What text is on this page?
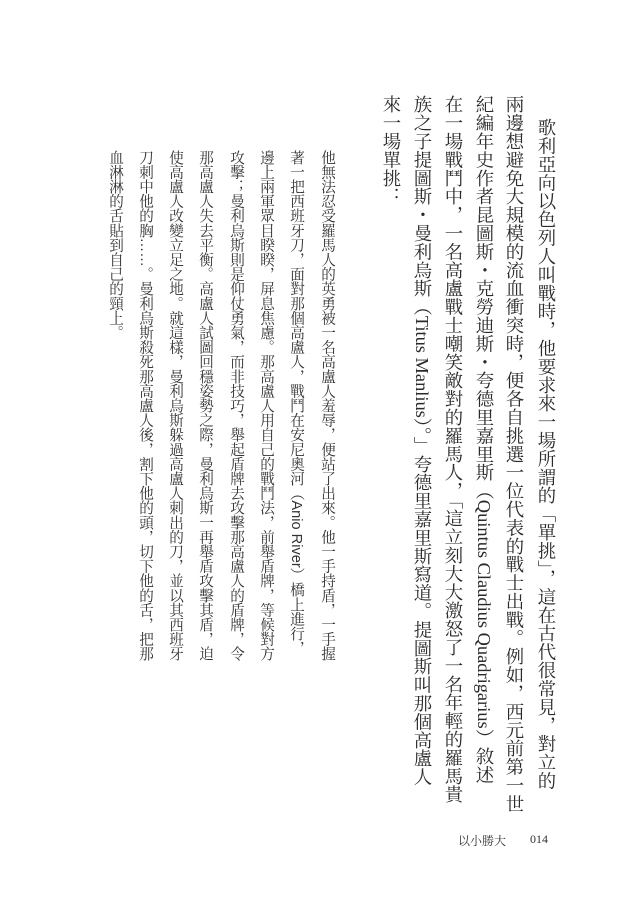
歌利亞向以色列人叫戰時，他要求來一場所謂的「單挑」，這在古代很常見，對立的
兩邊想避免大規模的流血衝突時，便各自挑選一位代表的戰士出戰。例如，西元前第一世
紀編年史作者昆圖斯・克勞迪斯・夸德里嘉里斯（Quintus Claudius Quadrigarius）敘述
在一場戰鬥中，一名高盧戰士嘲笑敵對的羅馬人，「這立刻大大激怒了一名年輕的羅馬貴
族之子提圖斯・曼利烏斯（Titus Manlius）。」夸德里嘉里斯寫道。提圖斯叫那個高盧人
來一場單挑：
他無法忍受羅馬人的英勇被一名高盧人羞辱，便站了出來。他一手持盾，一手握
著一把西班牙刀，面對那個高盧人，戰鬥在安尼奧河（Anio River）橋上進行，
邊上兩軍眾目睽睽，屏息焦慮。那高盧人用自己的戰鬥法，前舉盾牌，等候對方
攻擊；曼利烏斯則是仰仗勇氣，而非技巧，舉起盾牌去攻擊那高盧人的盾牌，令
那高盧人失去平衡。高盧人試圖回穩姿勢之際，曼利烏斯一再舉盾攻擊其盾，迫
使高盧人改變立足之地。就這樣，曼利烏斯躲過高盧人刺出的刀，並以其西班牙
刀刺中他的胸……。曼利烏斯殺死那高盧人後，割下他的頭，切下他的舌，把那
血淋淋的舌貼到自己的頸上。
以小勝大 014
